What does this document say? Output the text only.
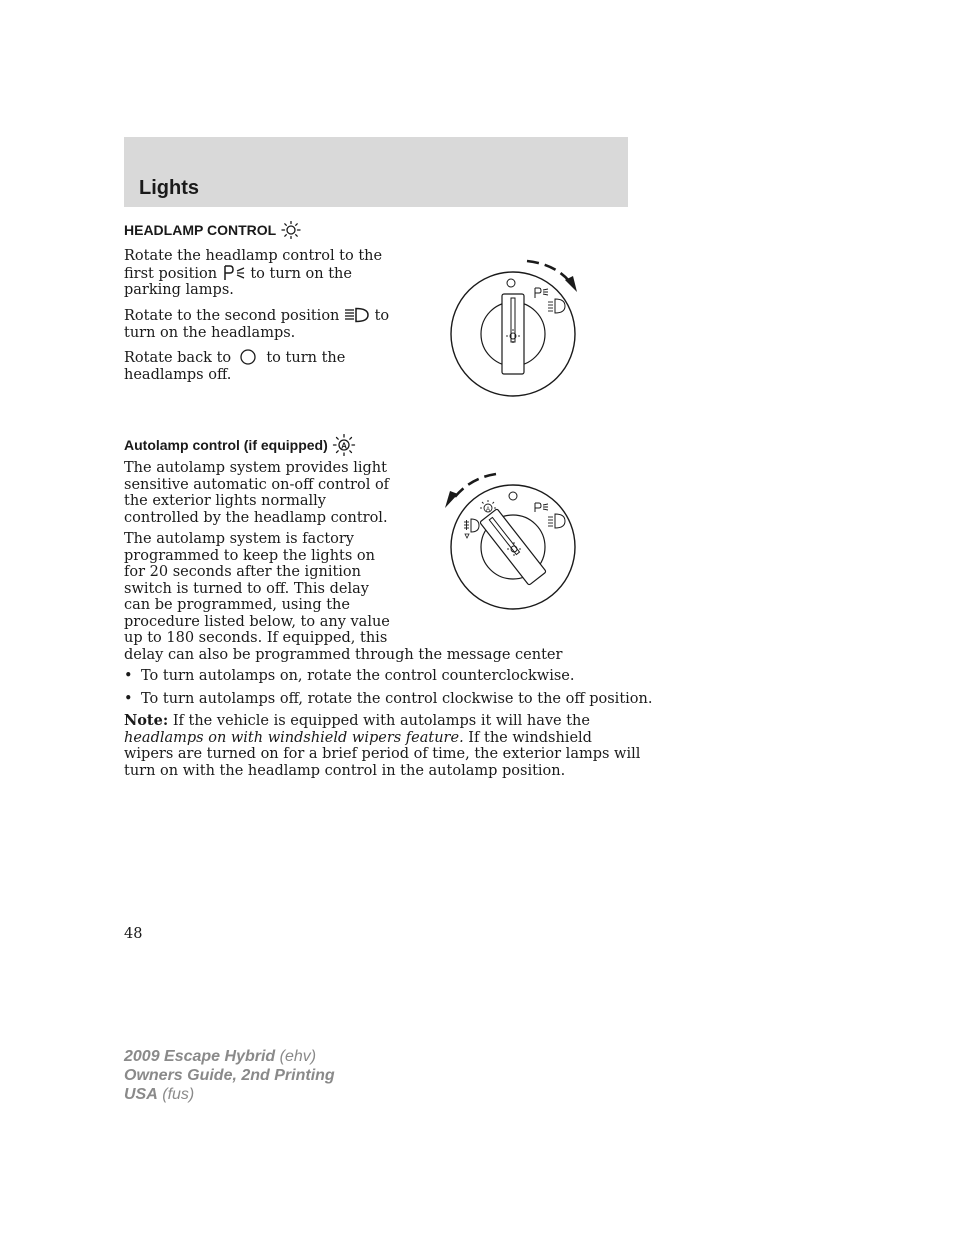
Lights
HEADLAMP CONTROL
Rotate the headlamp control to the
first position to turn on the
parking lamps.
Rotate to the second position to
turn on the headlamps.
Rotate back to to turn the
headlamps off.
Autolamp control (if equipped) A
The autolamp system provides light
sensitive automatic on-off control of
the exterior lights normally
controlled by the headlamp control.
The autolamp system is factory
programmed to keep the lights on
for 20 seconds after the ignition
switch is turned to off. This delay
can be programmed, using the
procedure listed below, to any value
up to 180 seconds. If equipped, this
delay can also be programmed through the message center
A
• To turn autolamps on, rotate the control counterclockwise.
• To turn autolamps off, rotate the control clockwise to the off position.
Note: If the vehicle is equipped with autolamps it will have the
headlamps on with windshield wipers feature. If the windshield
wipers are turned on for a brief period of time, the exterior lamps will
turn on with the headlamp control in the autolamp position.
48
2009 Escape Hybrid (ehv)
Owners Guide, 2nd Printing
USA (fus)
